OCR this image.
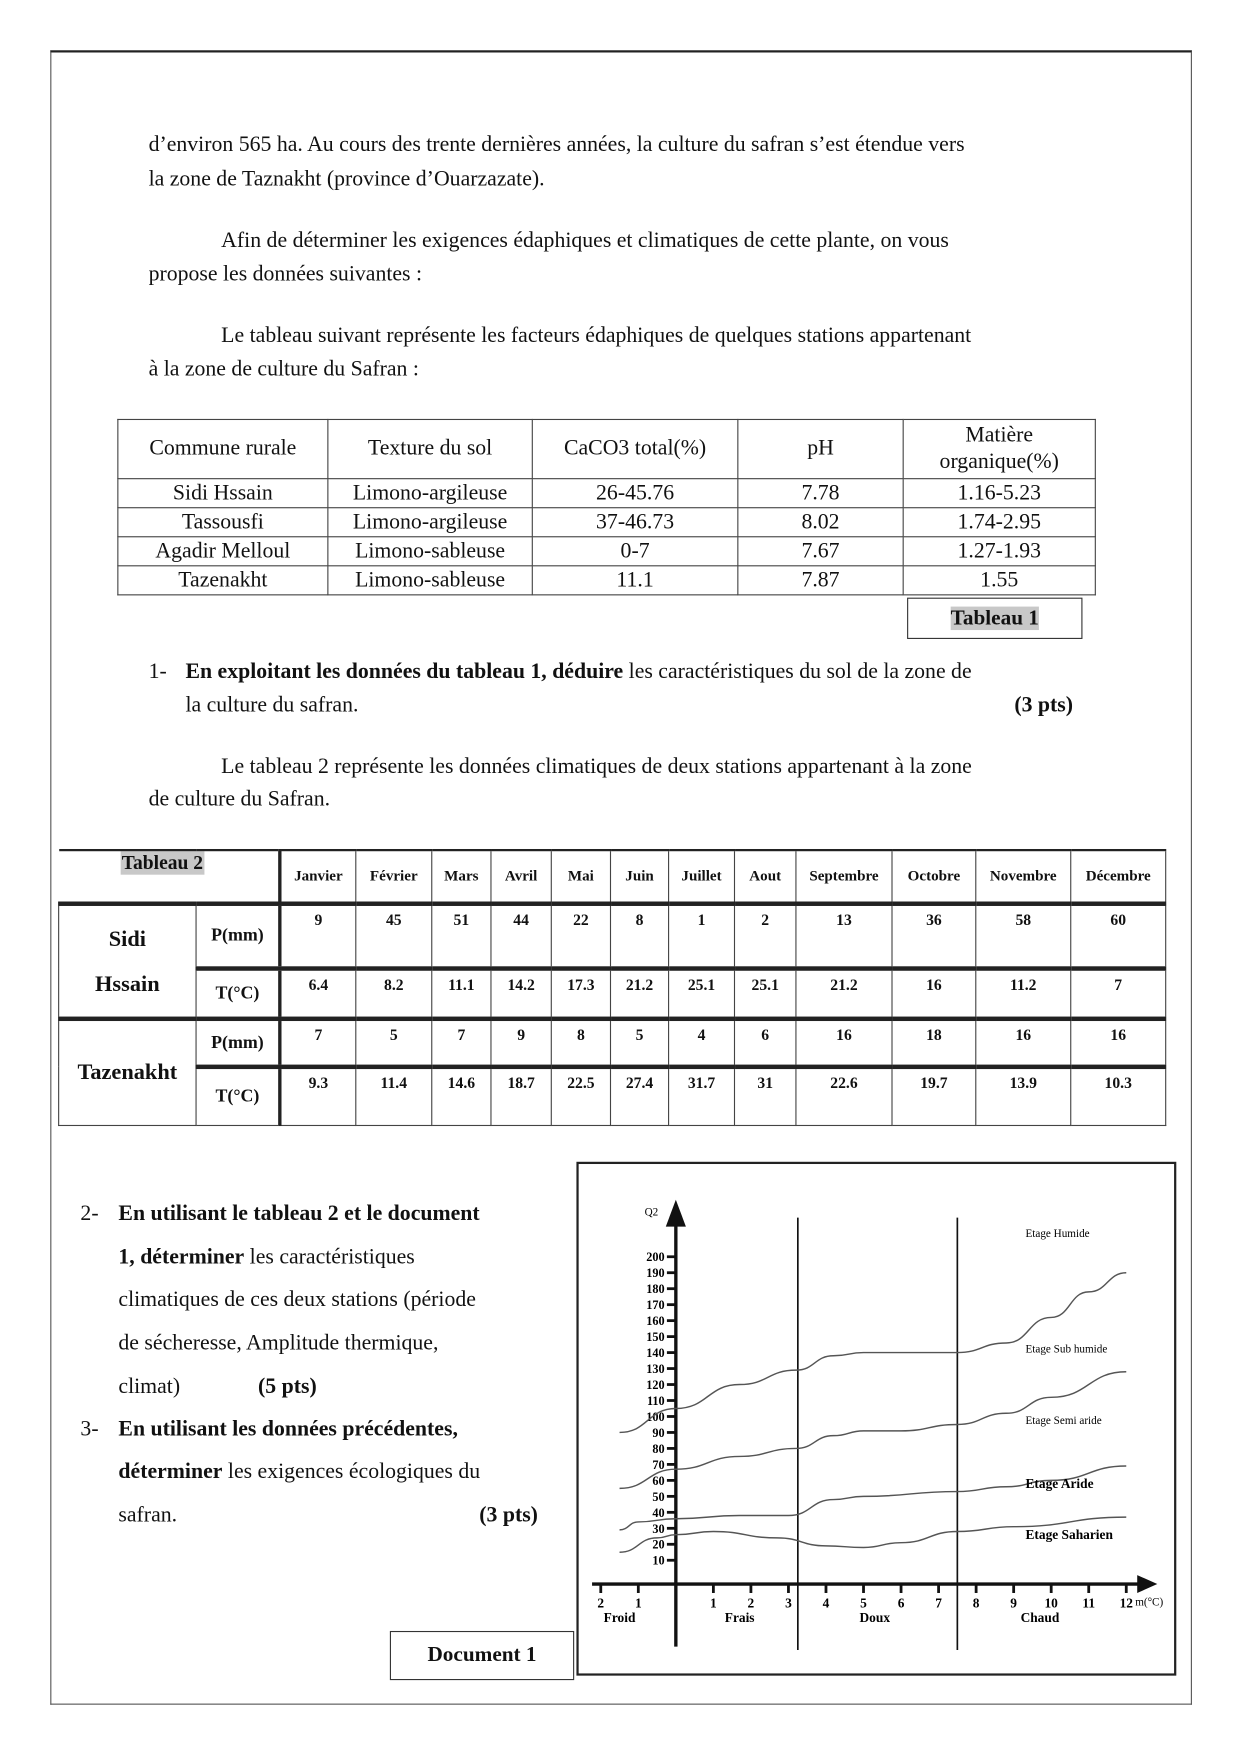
d’environ 565 ha. Au cours des trente dernières années, la culture du safran s’est étendue vers
la zone de Taznakht (province d’Ouarzazate).
Afin de déterminer les exigences édaphiques et climatiques de cette plante, on vous
propose les données suivantes :
Le tableau suivant représente les facteurs édaphiques de quelques stations appartenant
à la zone de culture du Safran :
Commune rurale	Texture du sol	CaCO3 total(%)	pH	Matière organique(%)
Sidi Hssain	Limono-argileuse	26-45.76	7.78	1.16-5.23
Tassousfi	Limono-argileuse	37-46.73	8.02	1.74-2.95
Agadir Melloul	Limono-sableuse	0-7	7.67	1.27-1.93
Tazenakht	Limono-sableuse	11.1	7.87	1.55
Tableau 1
1- En exploitant les données du tableau 1, déduire les caractéristiques du sol de la zone de
la culture du safran.	(3 pts)
Le tableau 2 représente les données climatiques de deux stations appartenant à la zone
de culture du Safran.
Tableau 2
		Janvier	Février	Mars	Avril	Mai	Juin	Juillet	Aout	Septembre	Octobre	Novembre	Décembre

Sidi
Hssain	P(mm)	9	45	51	44	22	8	1	2	13	36	58	60
	T(°C)	6.4	8.2	11.1	14.2	17.3	21.2	25.1	25.1	21.2	16	11.2	7

Tazenakht	P(mm)	7	5	7	9	8	5	4	6	16	18	16	16
	T(°C)	9.3	11.4	14.6	18.7	22.5	27.4	31.7	31	22.6	19.7	13.9	10.3
2- En utilisant le tableau 2 et le document
1, déterminer les caractéristiques
climatiques de ces deux stations (période
de sécheresse, Amplitude thermique,
climat)	(5 pts)
3- En utilisant les données précédentes,
déterminer les exigences écologiques du
safran.	(3 pts)
Document 1
Q2
10
20
30
40
50
60
70
80
90
100
110
120
130
140
150
160
170
180
190
200
2	1	1	2	3	4	5	6	7	8	9 10 11 12 m(°C)
Froid	Frais	Doux	Chaud
Etage Humide
Etage Sub humide
Etage Semi aride
Etage Aride
Etage Saharien
